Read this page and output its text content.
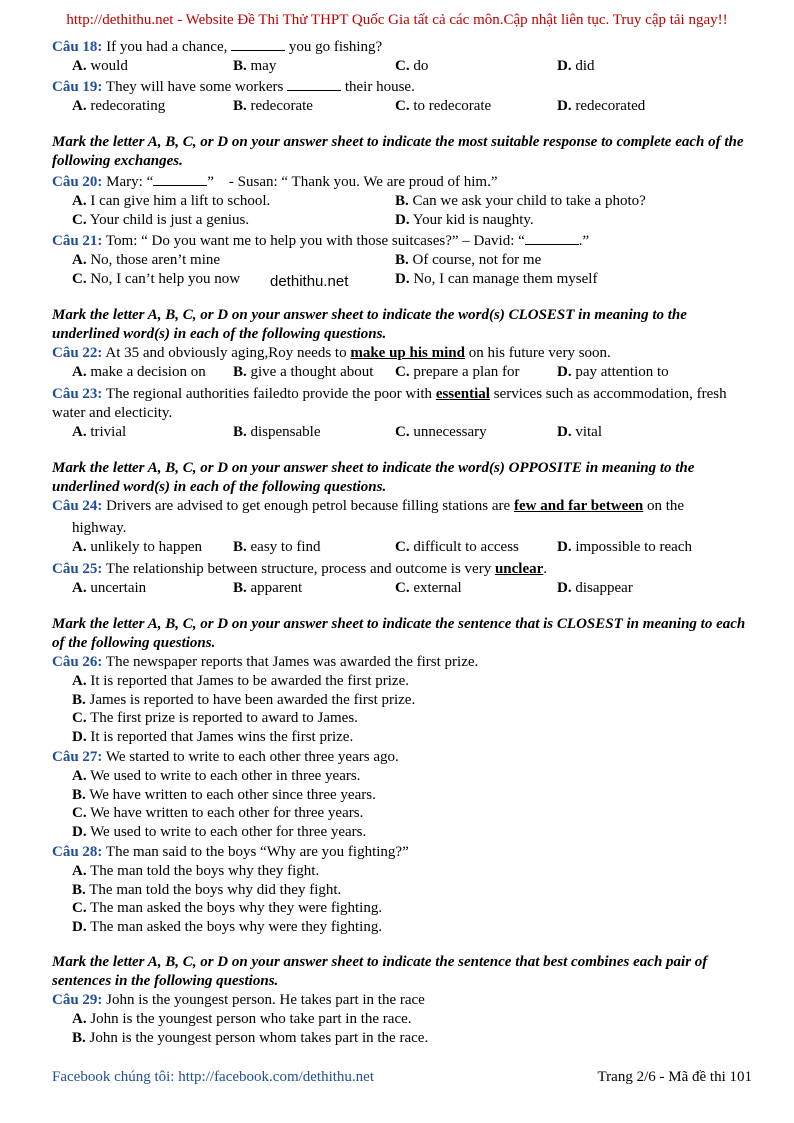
http://dethithu.net - Website Đề Thi Thử THPT Quốc Gia tất cả các môn.Cập nhật liên tục. Truy cập tải ngay!!
Câu 18: If you had a chance,	you go fishing?
A. would	B. may	C. do	D. did
Câu 19: They will have some workers	their house.
A. redecorating	B. redecorate	C. to redecorate	D. redecorated
Mark the letter A, B, C, or D on your answer sheet to indicate the most suitable response to complete each of the following exchanges.
Câu 20: Mary: “	”    - Susan: “ Thank you. We are proud of him.”
A. I can give him a lift to school.	B. Can we ask your child to take a photo?
C. Your child is just a genius.	D. Your kid is naughty.
Câu 21: Tom: “ Do you want me to help you with those suitcases?” – David: “	.”
A. No, those aren’t mine	B. Of course, not for me
C. No, I can’t help you now dethithu.net	D. No, I can manage them myself
Mark the letter A, B, C, or D on your answer sheet to indicate the word(s) CLOSEST in meaning to the underlined word(s) in each of the following questions.
Câu 22: At 35 and obviously aging,Roy needs to make up his mind on his future very soon.
A. make a decision on B. give a thought about C. prepare a plan for D. pay attention to
Câu 23: The regional authorities failedto provide the poor with essential services such as accommodation, fresh water and electicity.
A. trivial	B. dispensable	C. unnecessary	D. vital
Mark the letter A, B, C, or D on your answer sheet to indicate the word(s) OPPOSITE in meaning to the underlined word(s) in each of the following questions.
Câu 24: Drivers are advised to get enough petrol because filling stations are few and far between on the
highway.
A. unlikely to happen B. easy to find	C. difficult to access	D. impossible to reach
Câu 25: The relationship between structure, process and outcome is very unclear.
A. uncertain	B. apparent	C. external	D. disappear
Mark the letter A, B, C, or D on your answer sheet to indicate the sentence that is CLOSEST in meaning to each of the following questions.
Câu 26: The newspaper reports that James was awarded the first prize.
A. It is reported that James to be awarded the first prize.
B. James is reported to have been awarded the first prize.
C. The first prize is reported to award to James.
D. It is reported that James wins the first prize.
Câu 27: We started to write to each other three years ago.
A. We used to write to each other in three years.
B. We have written to each other since three years.
C. We have written to each other for three years.
D. We used to write to each other for three years.
Câu 28: The man said to the boys “Why are you fighting?”
A. The man told the boys why they fight.
B. The man told the boys why did they fight.
C. The man asked the boys why they were fighting.
D. The man asked the boys why were they fighting.
Mark the letter A, B, C, or D on your answer sheet to indicate the sentence that best combines each pair of sentences in the following questions.
Câu 29: John is the youngest person. He takes part in the race
A. John is the youngest person who take part in the race.
B. John is the youngest person whom takes part in the race.
Facebook chúng tôi: http://facebook.com/dethithu.net	Trang 2/6 - Mã đề thi 101
